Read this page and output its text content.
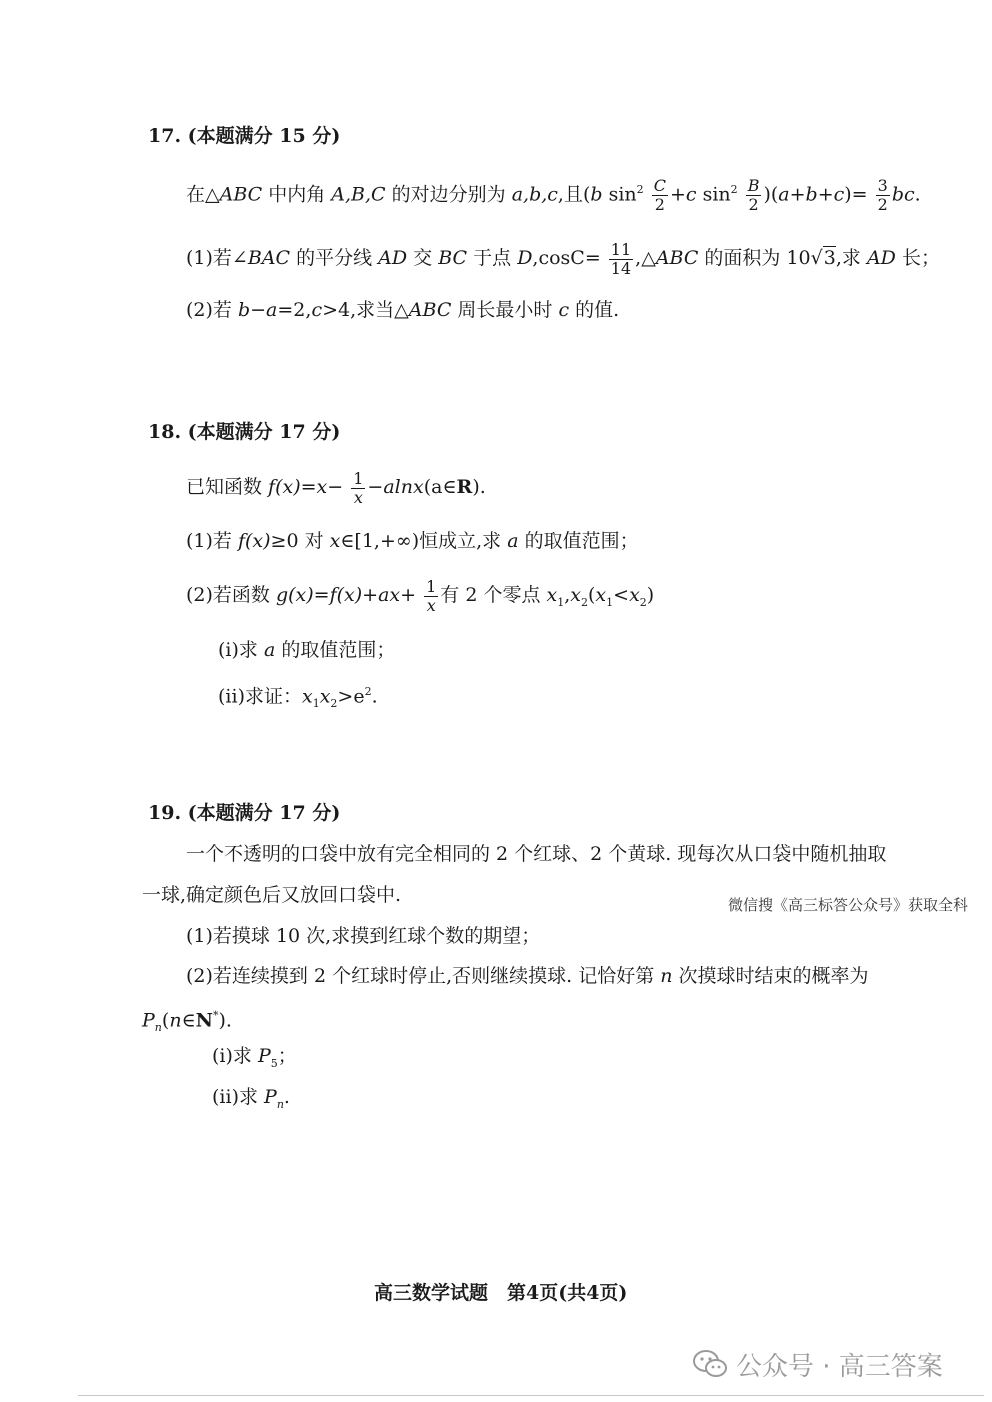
17. (本题满分 15 分)
在△ABC 中内角 A,B,C 的对边分别为 a,b,c,且(b $\sin^2 \frac{C}{2} +c$ $\sin^2 \frac{B}{2} )(a+b+c)= \frac{3}{2}$ bc.
(1)若∠BAC 的平分线 AD 交 BC 于点 $D,\cos C= \frac{11}{14}$ ,△ABC 的面积为 10√3,求 AD 长；
(2)若 b−a=2,c>4,求当△ABC 周长最小时 c 的值.
18. (本题满分 17 分)
已知函数 $f(x)=x- \frac{1}{x}$ −alnx(a∈R).
(1)若 f(x)≥0 对 x∈[1,+∞)恒成立,求 a 的取值范围；
(2)若函数 $g(x)=f(x)+ax+ \frac{1}{x}$ 有 2 个零点 $x_1,x_2(x_1<x_2)$
(i)求 a 的取值范围；
(ii)求证：$x_1x_2>e^2$.
19. (本题满分 17 分)
一个不透明的口袋中放有完全相同的 2 个红球、2 个黄球. 现每次从口袋中随机抽取
一球,确定颜色后又放回口袋中.	微信搜《高三标答公众号》获取全科
(1)若摸球 10 次,求摸到红球个数的期望；
(2)若连续摸到 2 个红球时停止,否则继续摸球. 记恰好第 n 次摸球时结束的概率为
$P_n(n\in N^*)$.
(i)求 $P_5$；
(ii)求 $P_n$.
高三数学试题　第4页(共4页)
公众号 · 高三答案
